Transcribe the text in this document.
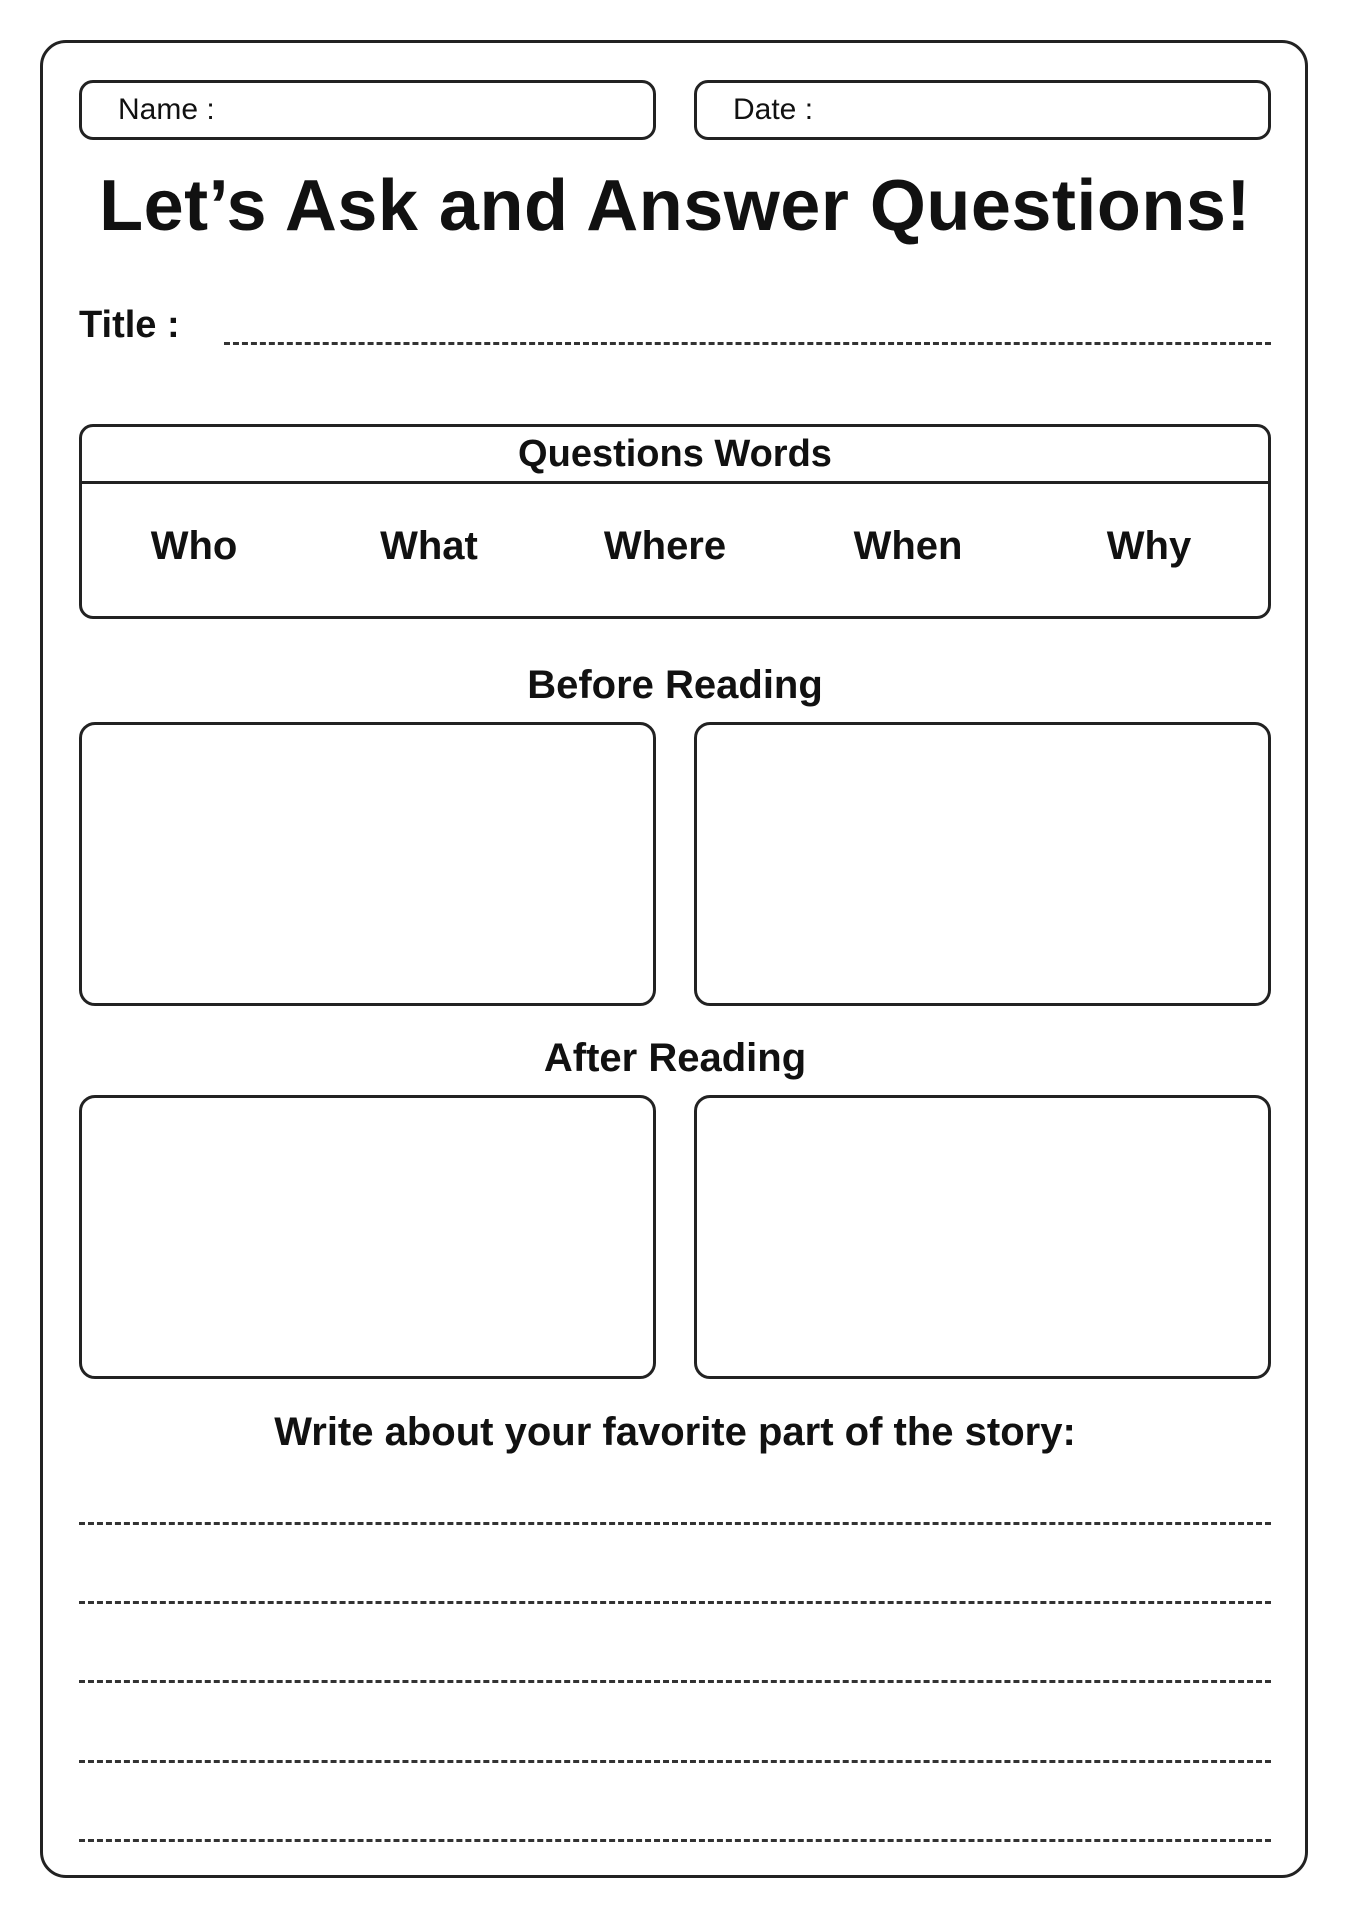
Name :	Date :
Let’s Ask and Answer Questions!
Title :
Questions Words
Who	What	Where	When	Why
Before Reading
After Reading
Write about your favorite part of the story:
